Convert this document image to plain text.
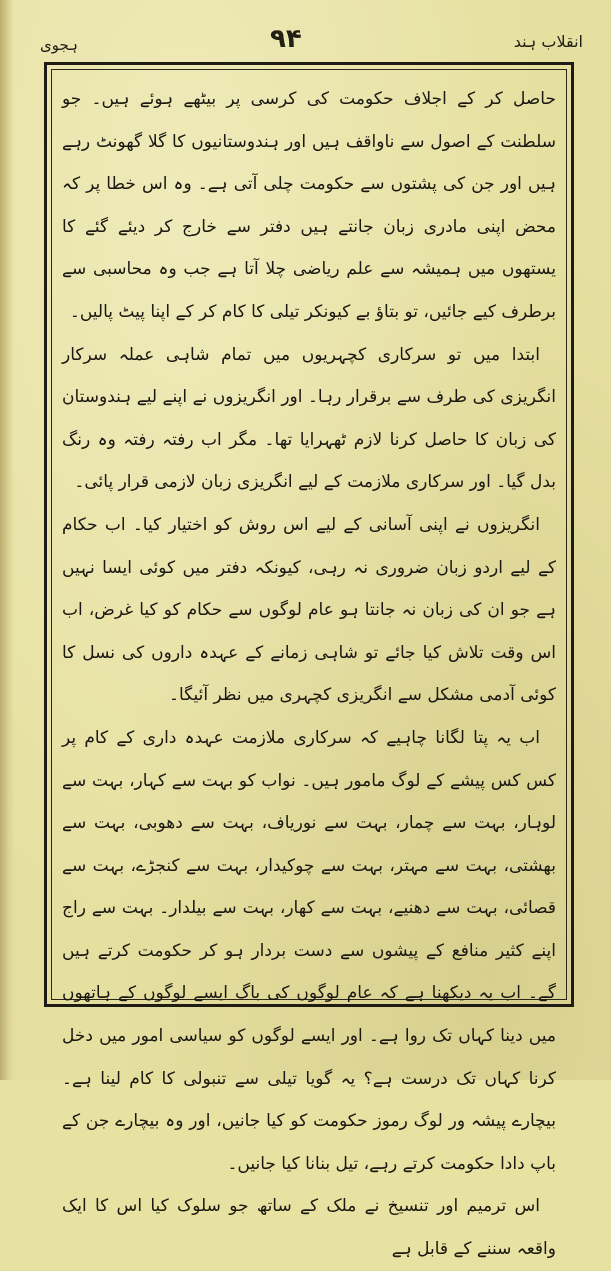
ہجوی	۹۴	انقلاب ہند

حاصل کر کے اجلاف حکومت کی کرسی پر بیٹھے ہوئے ہیں۔ جو سلطنت کے اصول سے ناواقف ہیں اور ہندوستانیوں کا گلا گھونٹ رہے ہیں اور جن کی پشتوں سے حکومت چلی آتی ہے۔ وہ اس خطا پر کہ محض اپنی مادری زبان جانتے ہیں دفتر سے خارج کر دیئے گئے کا یستھوں میں ہمیشہ سے علم ریاضی چلا آتا ہے جب وہ محاسبی سے برطرف کیے جائیں، تو بتاؤ بے کیونکر تیلی کا کام کر کے اپنا پیٹ پالیں۔

ابتدا میں تو سرکاری کچہریوں میں تمام شاہی عملہ سرکار انگریزی کی طرف سے برقرار رہا۔ اور انگریزوں نے اپنے لیے ہندوستان کی زبان کا حاصل کرنا لازم ٹھہرایا تھا۔ مگر اب رفتہ رفتہ وہ رنگ بدل گیا۔ اور سرکاری ملازمت کے لیے انگریزی زبان لازمی قرار پائی۔

انگریزوں نے اپنی آسانی کے لیے اس روش کو اختیار کیا۔ اب حکام کے لیے اردو زبان ضروری نہ رہی، کیونکہ دفتر میں کوئی ایسا نہیں ہے جو ان کی زبان نہ جانتا ہو عام لوگوں سے حکام کو کیا غرض، اب اس وقت تلاش کیا جائے تو شاہی زمانے کے عہدہ داروں کی نسل کا کوئی آدمی مشکل سے انگریزی کچہری میں نظر آئیگا۔

اب یہ پتا لگانا چاہیے کہ سرکاری ملازمت عہدہ داری کے کام پر کس کس پیشے کے لوگ مامور ہیں۔ نواب کو بہت سے کہار، بہت سے لوہار، بہت سے چمار، بہت سے نوریاف، بہت سے دھوبی، بہت سے بھشتی، بہت سے مہتر، بہت سے چوکیدار، بہت سے کنجڑے، بہت سے قصائی، بہت سے دھنیے، بہت سے کھار، بہت سے بیلدار۔ بہت سے راج اپنے کثیر منافع کے پیشوں سے دست بردار ہو کر حکومت کرتے ہیں گے۔ اب یہ دیکھنا ہے کہ عام لوگوں کی باگ ایسے لوگوں کے ہاتھوں میں دینا کہاں تک روا ہے۔ اور ایسے لوگوں کو سیاسی امور میں دخل کرنا کہاں تک درست ہے؟ یہ گویا تیلی سے تنبولی کا کام لینا ہے۔ بیچارے پیشہ ور لوگ رموز حکومت کو کیا جانیں، اور وہ بیچارے جن کے باپ دادا حکومت کرتے رہے، تیل بنانا کیا جانیں۔

اس ترمیم اور تنسیخ نے ملک کے ساتھ جو سلوک کیا اس کا ایک واقعہ سننے کے قابل ہے
